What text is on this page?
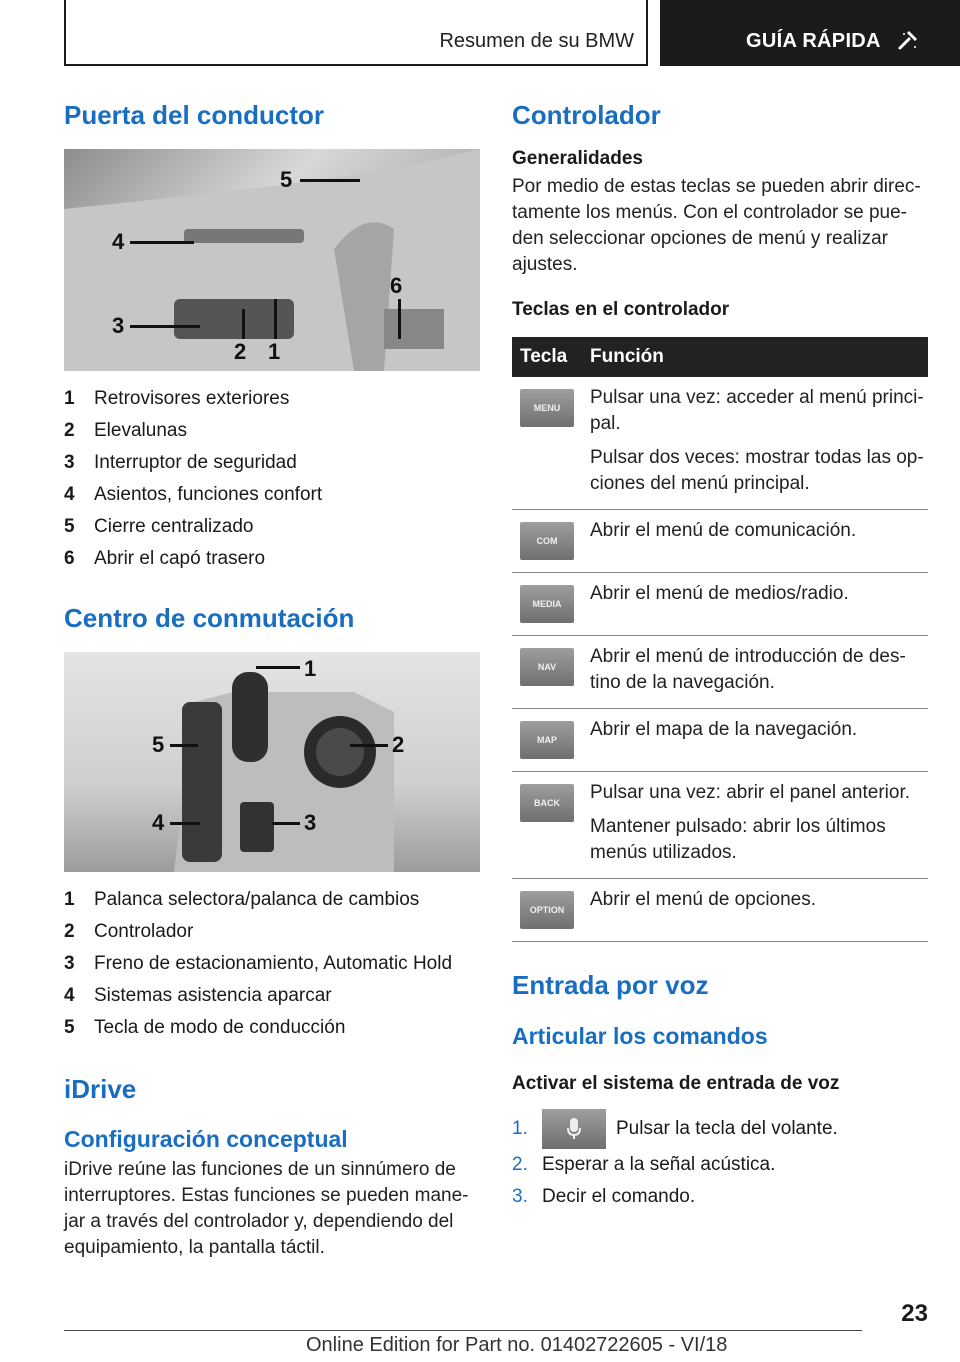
Resumen de su BMW	GUÍA RÁPIDA
Puerta del conductor
5
4
6
3
2 1
1	Retrovisores exteriores
2	Elevalunas
3	Interruptor de seguridad
4	Asientos, funciones confort
5	Cierre centralizado
6	Abrir el capó trasero
Centro de conmutación
1
5	2
4	3
1	Palanca selectora/palanca de cambios
2	Controlador
3	Freno de estacionamiento, Automatic Hold
4	Sistemas asistencia aparcar
5	Tecla de modo de conducción
iDrive
Configuración conceptual

iDrive reúne las funciones de un sinnúmero de interruptores. Estas funciones se pueden mane-jar a través del controlador y, dependiendo del equipamiento, la pantalla táctil.

Controlador
Generalidades

Por medio de estas teclas se pueden abrir direc-tamente los menús. Con el controlador se pue-den seleccionar opciones de menú y realizar ajustes.

Teclas en el controlador
Tecla	Función

MENU	Pulsar una vez: acceder al menú princi-pal.

Pulsar dos veces: mostrar todas las op-ciones del menú principal.

COM	Abrir el menú de comunicación.

MEDIA	Abrir el menú de medios/radio.

NAV	Abrir el menú de introducción de des-tino de la navegación.

MAP	Abrir el mapa de la navegación.

BACK	Pulsar una vez: abrir el panel anterior.

Mantener pulsado: abrir los últimos menús utilizados.

OPTION	Abrir el menú de opciones.

Entrada por voz
Articular los comandos
Activar el sistema de entrada de voz
1.	Pulsar la tecla del volante.
2. Esperar a la señal acústica.
3. Decir el comando.
23
Online Edition for Part no. 01402722605 - VI/18
